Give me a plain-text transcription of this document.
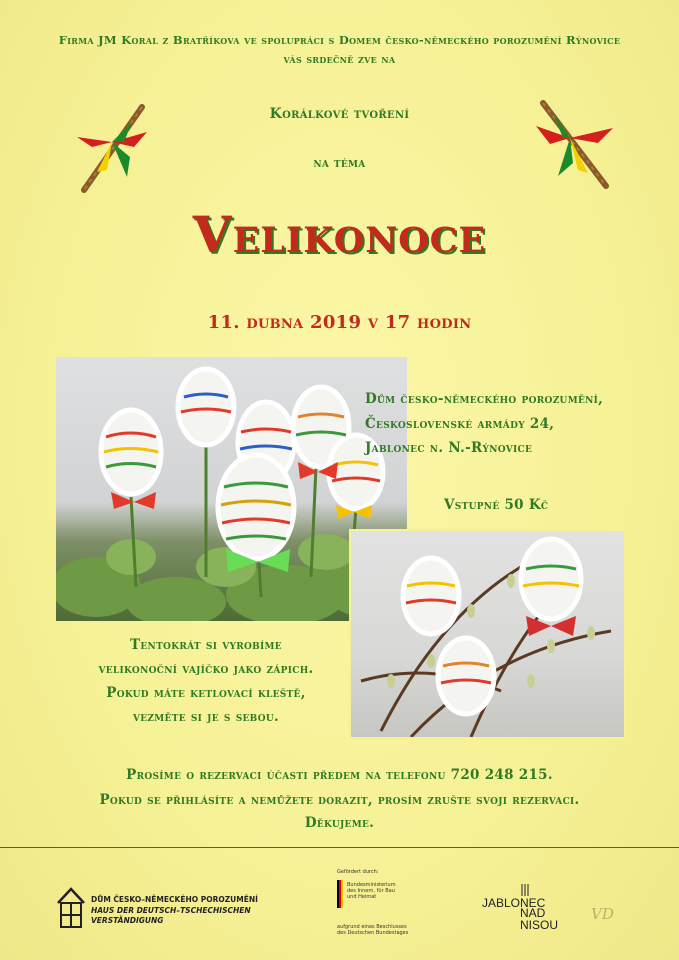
Firma JM Koral z Bratříkova ve spolupráci s Domem česko-německého porozumění Rýnovice
vás srdečně zve na
Korálkové tvoření
na téma
Velikonoce
11. dubna 2019 v 17 hodin
Dům česko-německého porozumění,
Československé armády 24,
Jablonec n. N.-Rýnovice
Vstupné 50 Kč
Tentokrát si vyrobíme
velikonoční vajíčko jako zápich.
Pokud máte ketlovací kleště,
vezměte si je s sebou.
Prosíme o rezervaci účasti předem na telefonu 720 248 215.
Pokud se přihlásíte a nemůžete dorazit, prosím zrušte svoji rezervaci.
Děkujeme.
DŮM ČESKO–NĚMECKÉHO POROZUMĚNÍ
HAUS DER DEUTSCH–TSCHECHISCHEN
VERSTÄNDIGUNG
Gefördert durch:
Bundesministerium
des Innern, für Bau
und Heimat
aufgrund eines Beschlusses
des Deutschen Bundestages
JABLONEC
NAD
NISOU
VD
